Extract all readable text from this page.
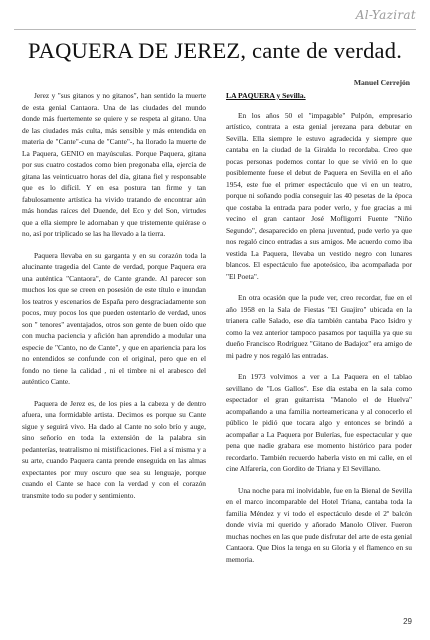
Al-Yazirat
PAQUERA DE JEREZ, cante de verdad.
Manuel Cerrejón

Jerez y "sus gitanos y no gitanos", han sentido la muerte de esta genial Cantaora. Una de las ciudades del mundo donde más fuertemente se quiere y se respeta al gitano. Una de las ciudades más culta, más sensible y más entendida en materia de "Cante"-cuna de "Cante"-, ha llorado la muerte de La Paquera, GENIO en mayúsculas. Porque Paquera, gitana por sus cuatro costados como bien pregonaba ella, ejercía de gitana las veinticuatro horas del día, gitana fiel y responsable que es lo difícil. Y en esa postura tan firme y tan fabulosamente artística ha vivido tratando de encontrar aún más hondas raíces del Duende, del Eco y del Son, virtudes que a ella siempre le adornaban y que tristemente quiérase o no, así por triplicado se las ha llevado a la tierra.

Paquera llevaba en su garganta y en su corazón toda la alucinante tragedia del Cante de verdad, porque Paquera era una auténtica "Cantaora", de Cante grande. Al parecer son muchos los que se creen en posesión de este título e inundan los teatros y escenarios de España pero desgraciadamente son pocos, muy pocos los que pueden ostentarlo de verdad, unos son " tenores" aventajados, otros son gente de buen oído que con mucha paciencia y afición han aprendido a modular una especie de "Canto, no de Cante", y que en apariencia para los no entendidos se confunde con el original, pero que en el fondo no tiene la calidad , ni el timbre ni el arabesco del auténtico Cante.

Paquera de Jerez es, de los pies a la cabeza y de dentro afuera, una formidable artista. Decimos es porque su Cante sigue y seguirá vivo. Ha dado al Cante no solo brío y auge, sino señorío en toda la extensión de la palabra sin pedanterías, teatralismo ni mistificaciones. Fiel a sí misma y a su arte, cuando Paquera canta prende enseguida en las almas expectantes por muy oscuro que sea su lenguaje, porque cuando el Cante se hace con la verdad y con el corazón transmite todo su poder y sentimiento.

LA PAQUERA y Sevilla.

En los años 50 el "impagable" Pulpón, empresario artístico, contrata a esta genial jerezana para debutar en Sevilla. Ella siempre le estuvo agradecida y siempre que cantaba en la ciudad de la Giralda lo recordaba. Creo que pocas personas podemos contar lo que se vivió en lo que posiblemente fuese el debut de Paquera en Sevilla en el año 1954, este fue el primer espectáculo que vi en un teatro, porque ni soñando podía conseguir las 40 pesetas de la época que costaba la entrada para poder verlo, y fue gracias a mi vecino el gran cantaor José Mofligorri Fuente "Niño Segundo", desaparecido en plena juventud, pude verlo ya que nos regaló cinco entradas a sus amigos. Me acuerdo como iba vestida La Paquera, llevaba un vestido negro con lunares blancos. El espectáculo fue apoteósico, iba acompañada por "El Poeta".

En otra ocasión que la pude ver, creo recordar, fue en el año 1958 en la Sala de Fiestas "El Guajiro" ubicada en la trianera calle Salado, ese día también cantaba Paco Isidro y como la vez anterior tampoco pasamos por taquilla ya que su dueño Francisco Rodríguez "Gitano de Badajoz" era amigo de mi padre y nos regaló las entradas.

En 1973 volvimos a ver a La Paquera en el tablao sevillano de "Los Gallos". Ese día estaba en la sala como espectador el gran guitarrista "Manolo el de Huelva" acompañando a una familia norteamericana y al conocerlo el público le pidió que tocara algo y entonces se brindó a acompañar a La Paquera por Bulerías, fue espectacular y que pena que nadie grabara ese momento histórico para poder recordarlo. También recuerdo haberla visto en mi calle, en el cine Alfarería, con Gordito de Triana y El Sevillano.

Una noche para mi inolvidable, fue en la Bienal de Sevilla en el marco incomparable del Hotel Triana, cantaba toda la familia Méndez y vi todo el espectáculo desde el 2º balcón donde vivía mi querido y añorado Manolo Oliver. Fueron muchas noches en las que pude disfrutar del arte de esta genial Cantaora. Que Dios la tenga en su Gloria y el flamenco en su memoria.

29
